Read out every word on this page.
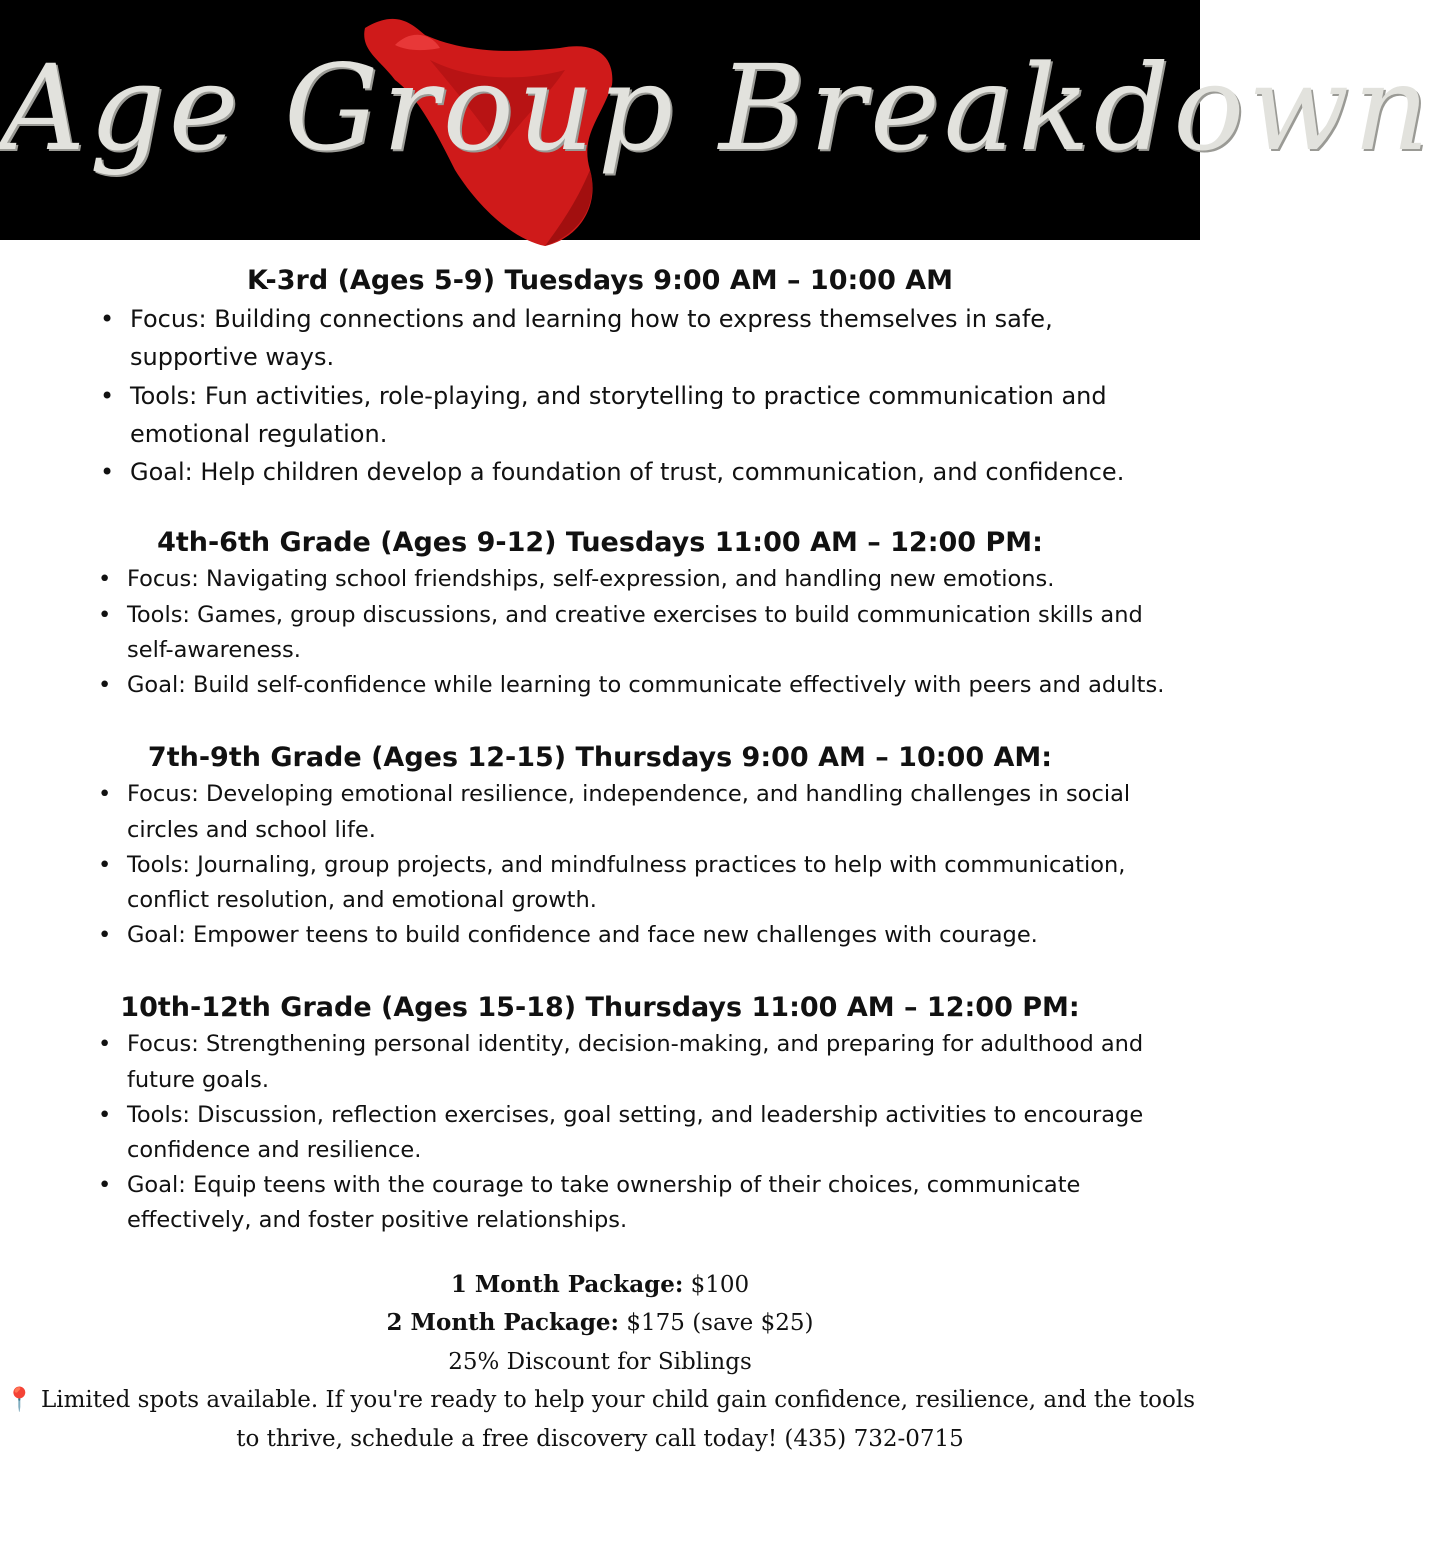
Age Group Breakdown
K-3rd (Ages 5-9) Tuesdays 9:00 AM – 10:00 AM
• Focus: Building connections and learning how to express themselves in safe, supportive ways.
• Tools: Fun activities, role-playing, and storytelling to practice communication and emotional regulation.
• Goal: Help children develop a foundation of trust, communication, and confidence.
4th-6th Grade (Ages 9-12) Tuesdays 11:00 AM – 12:00 PM:
• Focus: Navigating school friendships, self-expression, and handling new emotions.
• Tools: Games, group discussions, and creative exercises to build communication skills and self-awareness.
• Goal: Build self-confidence while learning to communicate effectively with peers and adults.
7th-9th Grade (Ages 12-15) Thursdays 9:00 AM – 10:00 AM:
• Focus: Developing emotional resilience, independence, and handling challenges in social circles and school life.
• Tools: Journaling, group projects, and mindfulness practices to help with communication, conflict resolution, and emotional growth.
• Goal: Empower teens to build confidence and face new challenges with courage.
10th-12th Grade (Ages 15-18) Thursdays 11:00 AM – 12:00 PM:
• Focus: Strengthening personal identity, decision-making, and preparing for adulthood and future goals.
• Tools: Discussion, reflection exercises, goal setting, and leadership activities to encourage confidence and resilience.
• Goal: Equip teens with the courage to take ownership of their choices, communicate effectively, and foster positive relationships.
1 Month Package: $100
2 Month Package: $175 (save $25)
25% Discount for Siblings
📍 Limited spots available. If you're ready to help your child gain confidence, resilience, and the tools to thrive, schedule a free discovery call today! (435) 732-0715
